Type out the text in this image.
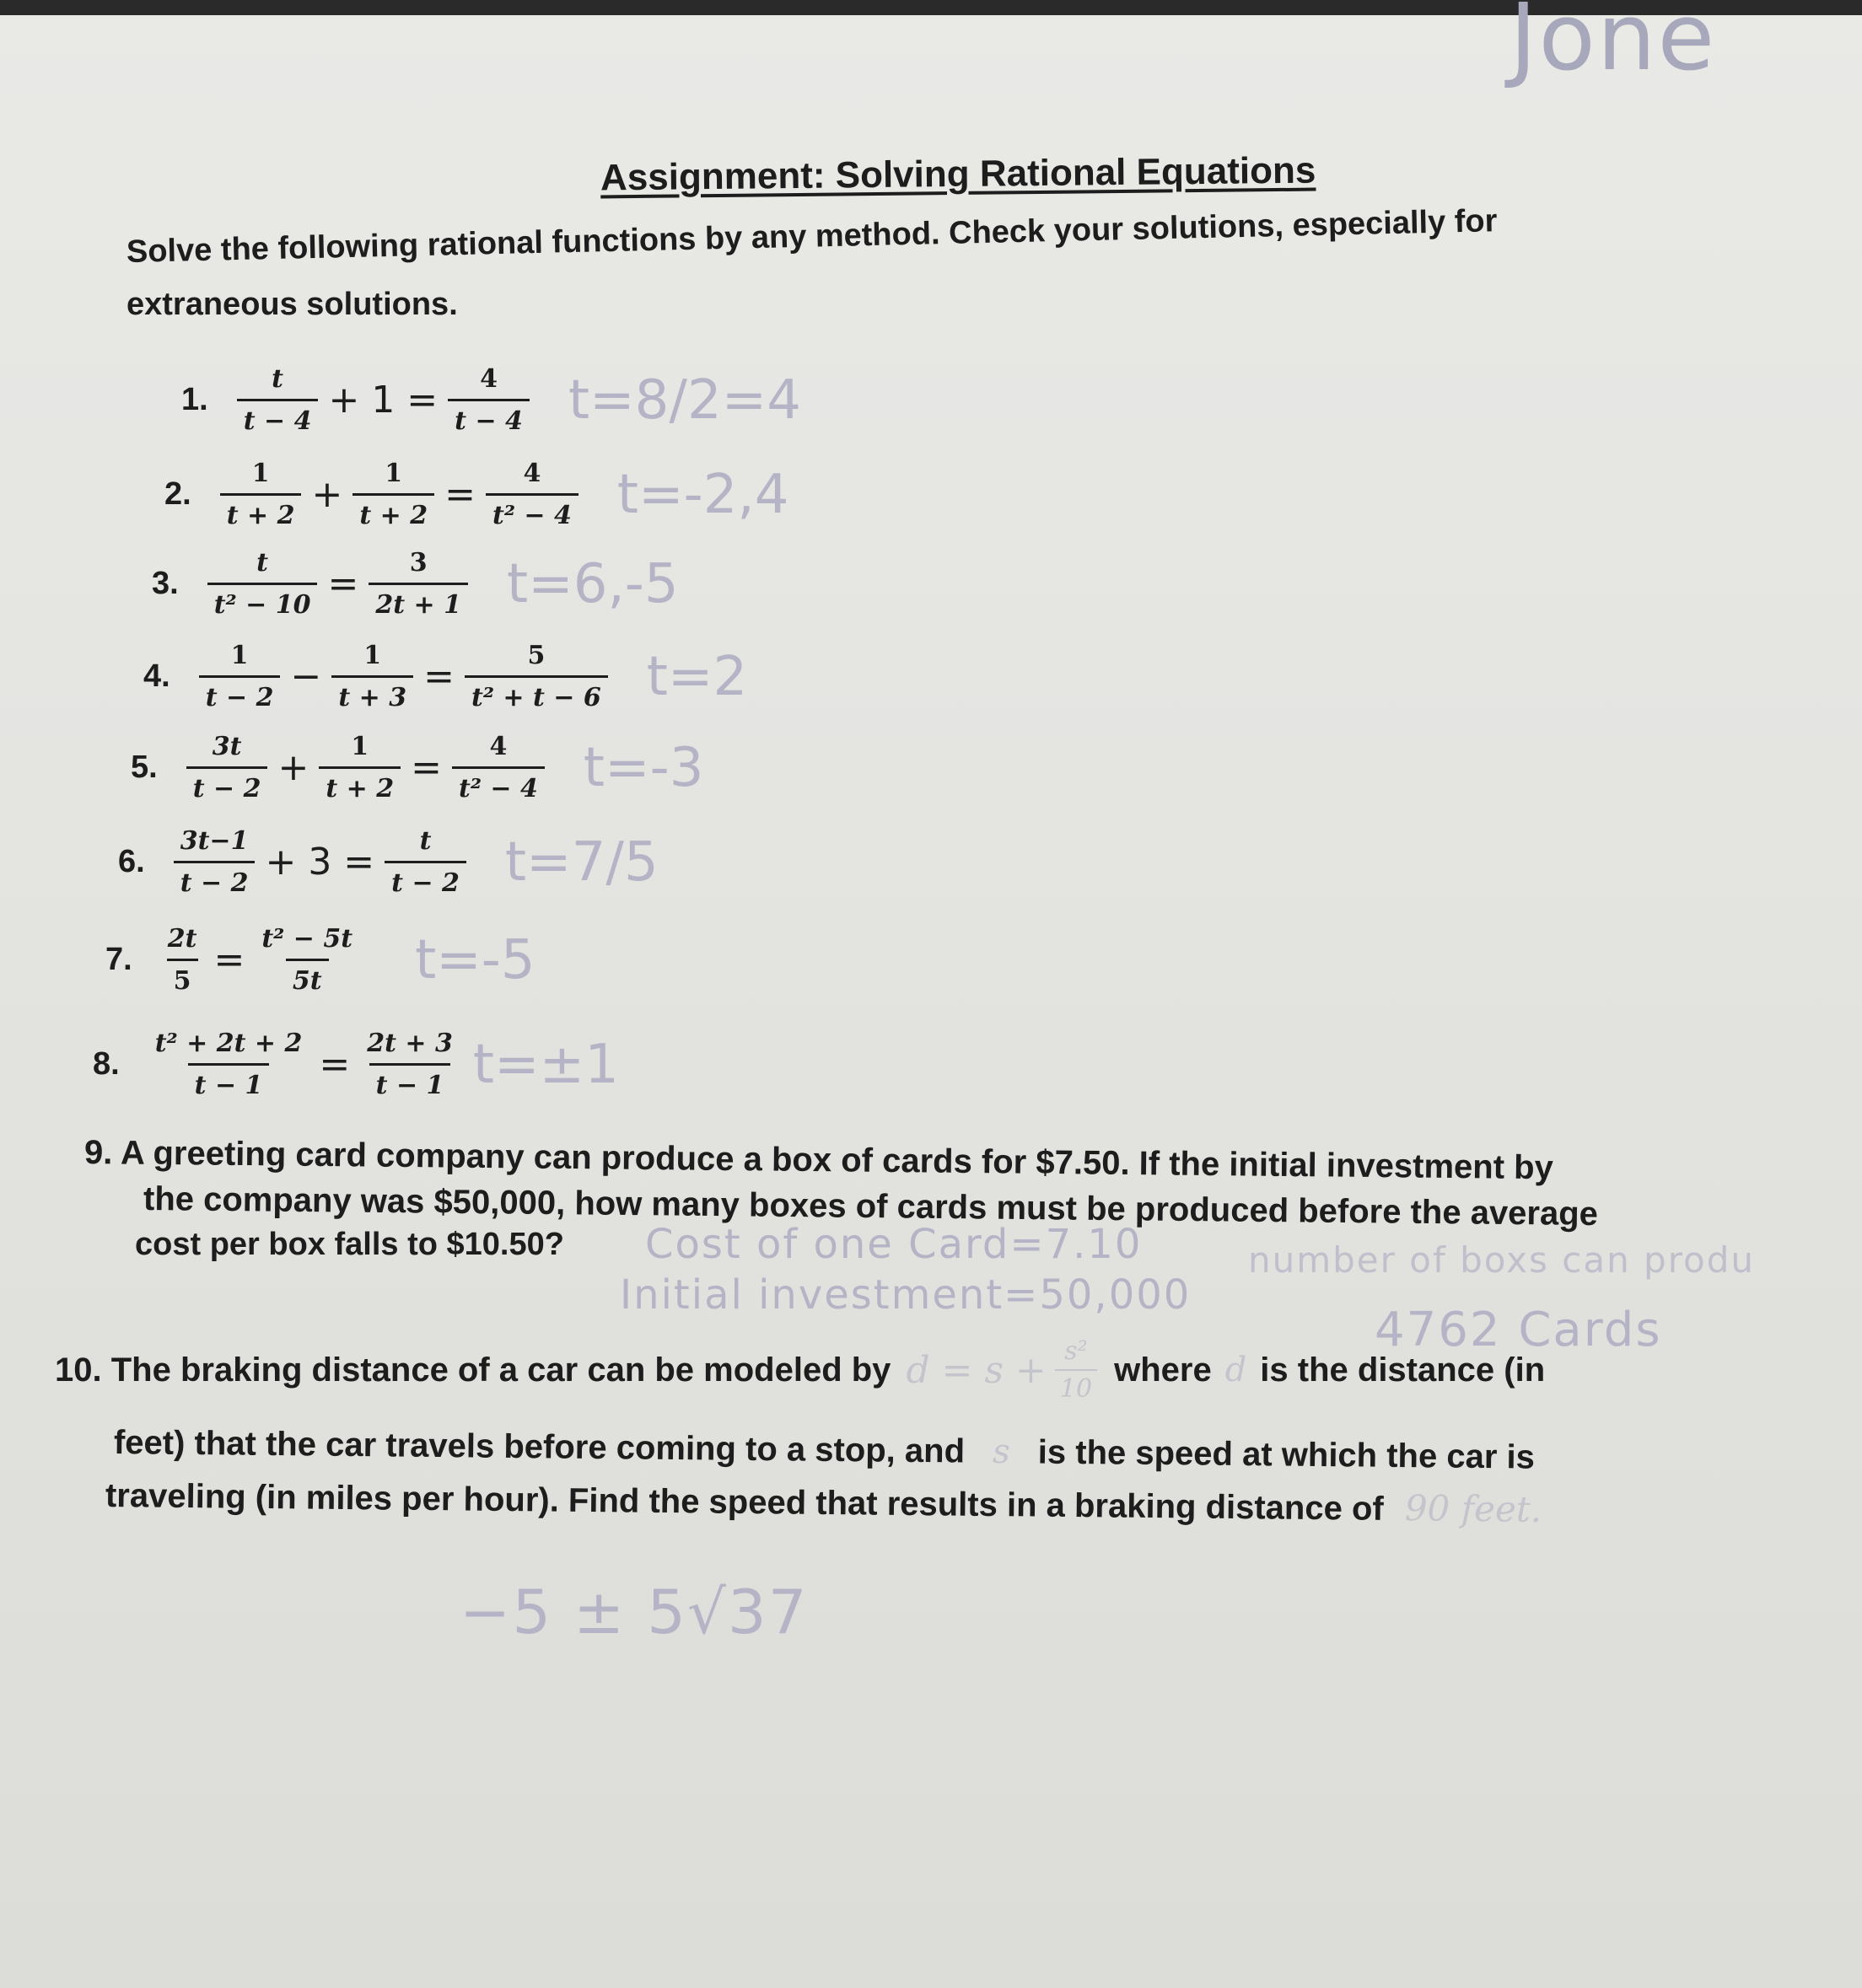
Jone
Assignment: Solving Rational Equations
Solve the following rational functions by any method. Check your solutions, especially for
extraneous solutions.
1. $\frac{t}{t - 4} + 1 = \frac{4}{t - 4} t=8/2=4$
2. $\frac{1}{t + 2} + \frac{1}{t + 2} = \frac{4}{\text{t² − 4}} t=-2,4$
3. $\frac{t}{\text{t² − 10}} = \frac{3}{2t + 1} t=6,-5$
4. $\frac{1}{t - 2} - \frac{1}{t + 3} = \frac{5}{\text{t² + t − 6}} t=2$
5. $\frac{3t}{t - 2} + \frac{1}{t + 2} = \frac{4}{\text{t² − 4}} t=-3$
6. $\frac{3t-1}{t - 2} + 3 = \frac{t}{t - 2} t=7/5$
7. $\frac{2t}{5} = \frac{\text{t² − 5t}}{5t} t=-5$
8. $\frac{\text{t² + 2t + 2}}{t - 1} = \frac{2t + 3}{t - 1} t=\pm 1$
9. A greeting card company can produce a box of cards for $7.50. If the initial investment by
the company was $50,000, how many boxes of cards must be produced before the average
cost per box falls to $10.50? Cost of one Card=7.10	number of boxs can produ
Initial investment=50,000
4762 Cards
10. The braking distance of a car can be modeled by $d = s + \frac{\text{s²}}{10}$ where d is the distance (in
feet) that the car travels before coming to a stop, and s is the speed at which the car is
traveling (in miles per hour). Find the speed that results in a braking distance of 90 feet.
−5 ± 5√37
